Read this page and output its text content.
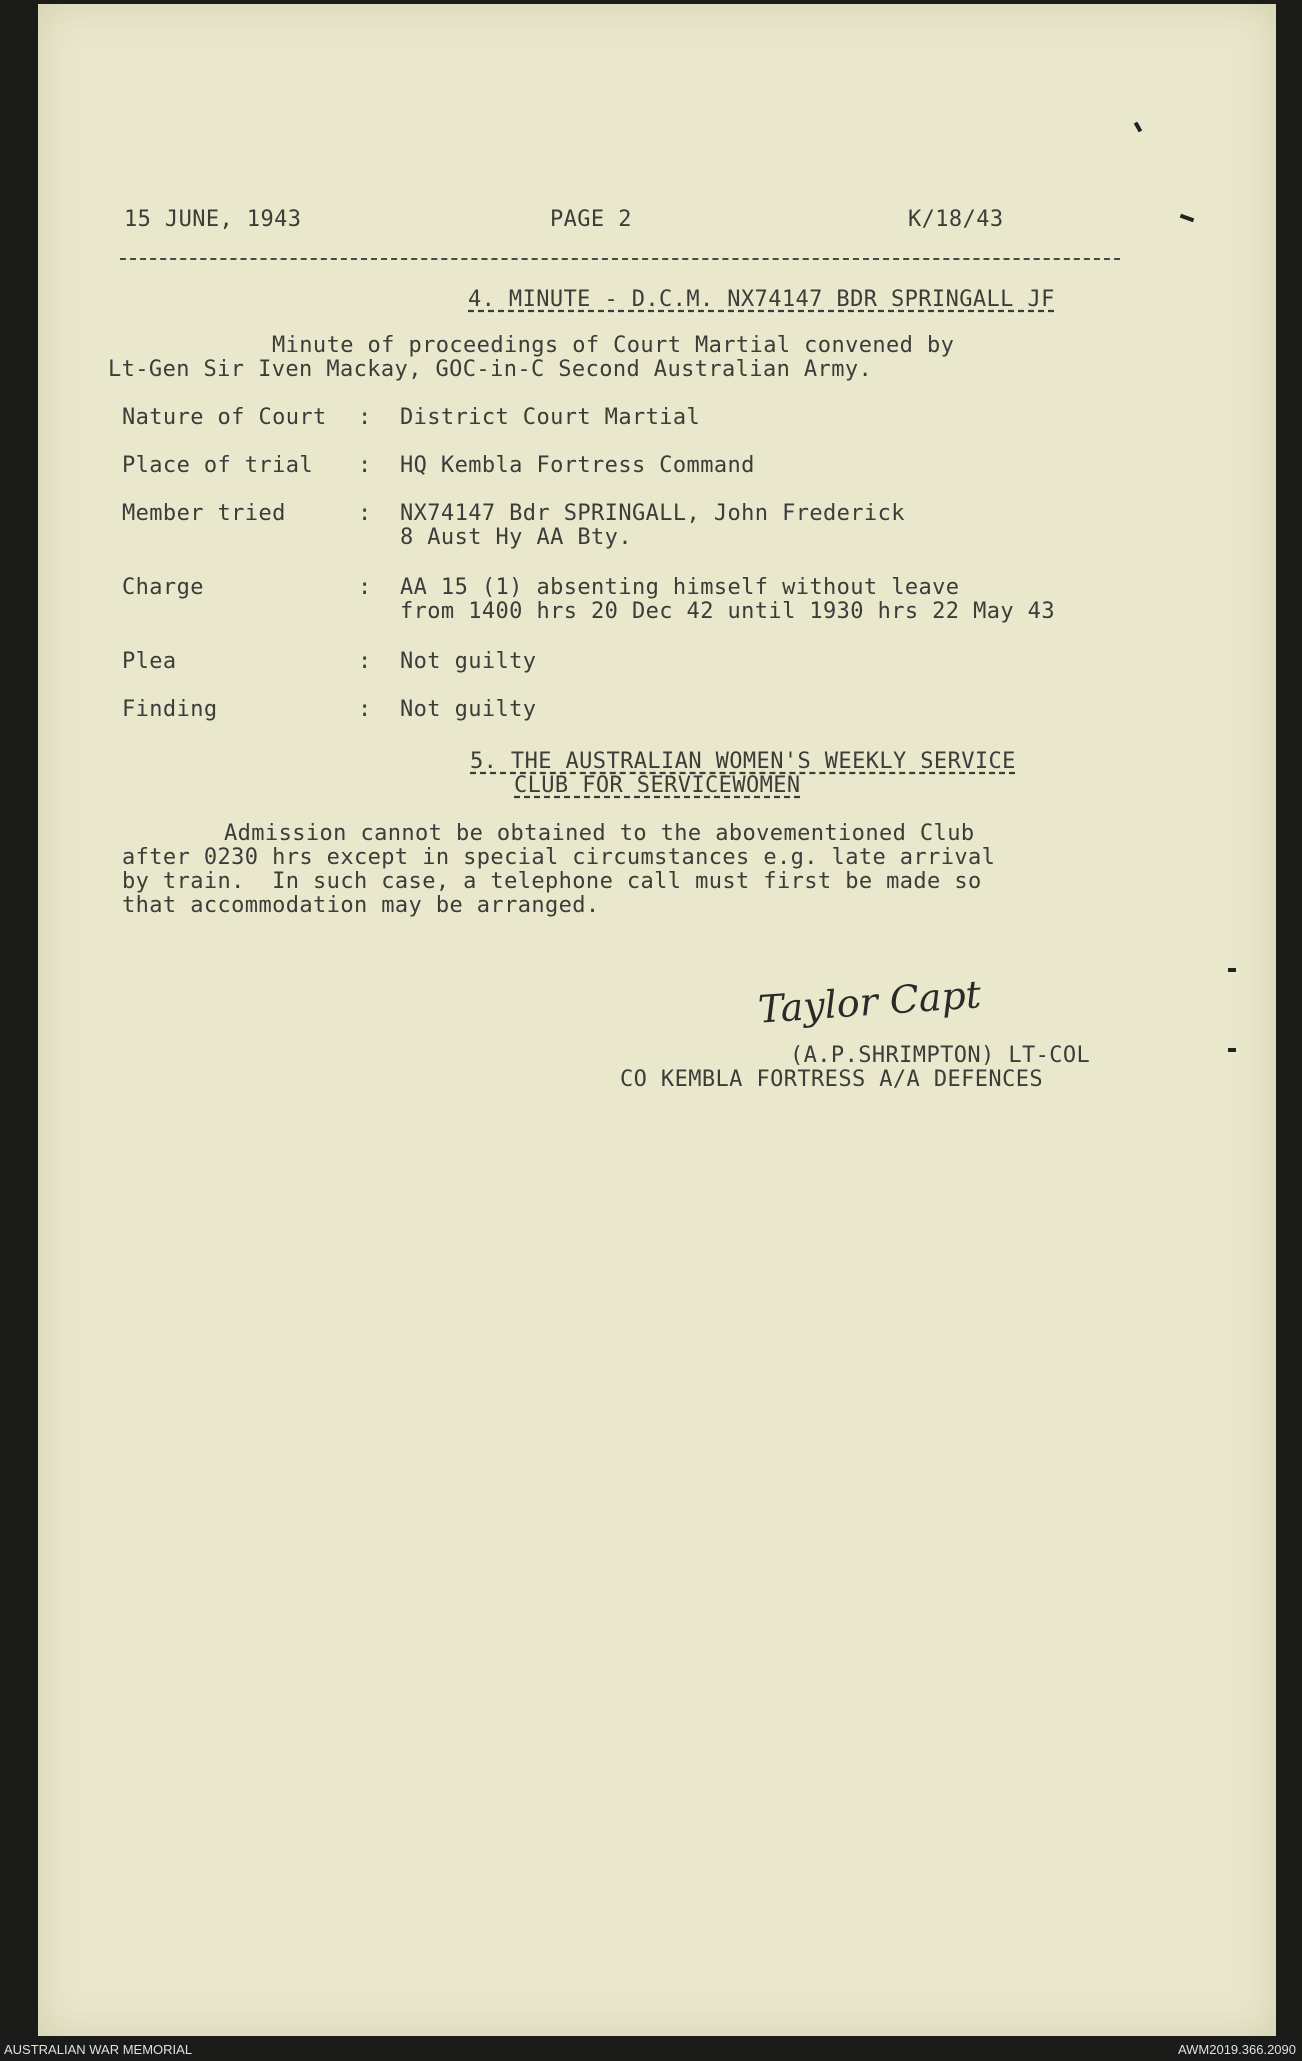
15 JUNE, 1943	PAGE 2	K/18/43
4. MINUTE - D.C.M. NX74147 BDR SPRINGALL JF
Minute of proceedings of Court Martial convened by
Lt-Gen Sir Iven Mackay, GOC-in-C Second Australian Army.
Nature of Court : District Court Martial
Place of trial : HQ Kembla Fortress Command
Member tried	: NX74147 Bdr SPRINGALL, John Frederick
8 Aust Hy AA Bty.
Charge	: AA 15 (1) absenting himself without leave
from 1400 hrs 20 Dec 42 until 1930 hrs 22 May 43
Plea	: Not guilty
Finding	: Not guilty
5. THE AUSTRALIAN WOMEN'S WEEKLY SERVICE
CLUB FOR SERVICEWOMEN
Admission cannot be obtained to the abovementioned Club
after 0230 hrs except in special circumstances e.g. late arrival
by train.  In such case, a telephone call must first be made so
that accommodation may be arranged.
Taylor Capt
(A.P.SHRIMPTON) LT-COL
CO KEMBLA FORTRESS A/A DEFENCES
AUSTRALIAN WAR MEMORIAL	AWM2019.366.2090
